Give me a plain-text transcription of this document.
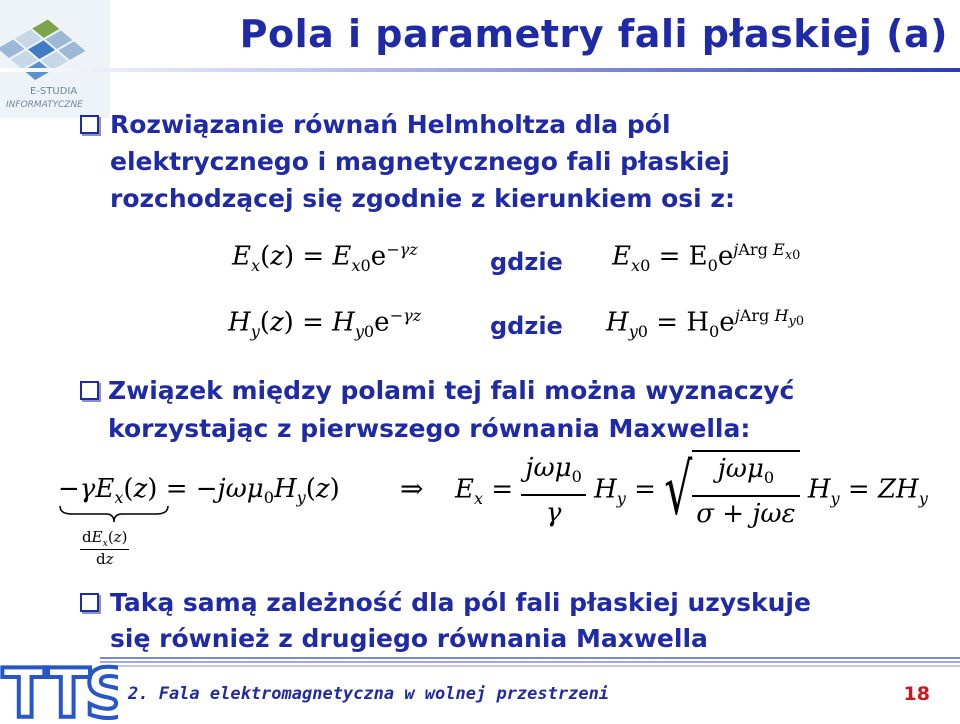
E-STUDIA
INFORMATYCZNE
Pola i parametry fali płaskiej (a)
Rozwiązanie równań Helmholtza dla pól
elektrycznego i magnetycznego fali płaskiej
rozchodzącej się zgodnie z kierunkiem osi z:
$E_x(z) = E_{x0}e^{-\gamma z}$	gdzie $E_{x0} = E_0e^{jArg E_{x0}}$
$H_y(z) = H_{y0}e^{-\gamma z}$	gdzie $H_{y0} = H_0e^{jArg H_{y0}}$
Związek między polami tej fali można wyznaczyć
korzystając z pierwszego równania Maxwella:
$-\gamma E_x(z) = -j\omega\mu_0H_y(z)$
$dE_x(z)$
dz
⇒ $E_x = \frac{j\omega\mu_0}{\gamma} H_y$ = √ $\frac{j\omega\mu_0}{\text{σ + jωε}} H_y = ZH_y$
Taką samą zależność dla pól fali płaskiej uzyskuje
się również z drugiego równania Maxwella
TTS 2. Fala elektromagnetyczna w wolnej przestrzeni	18
